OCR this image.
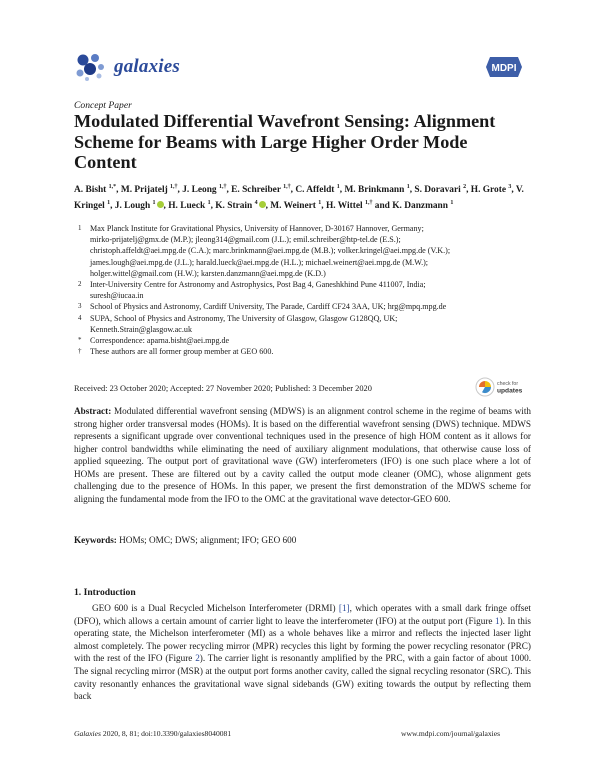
galaxies	MDPI
Concept Paper
Modulated Differential Wavefront Sensing: Alignment Scheme for Beams with Large Higher Order Mode Content
A. Bisht $^{1,*}$, M. Prijatelj $^{1,\dagger}$, J. Leong $^{1,\dagger}$, E. Schreiber $^{1,\dagger}$, C. Affeldt $^1$, M. Brinkmann $^1$, S. Doravari $^2$, H. Grote $^3$, V. Kringel $^1$, J. Lough $^1$ , H. Lueck $^1$, K. Strain $^4$ , M. Weinert $^1$, H. Wittel $^{1,\dagger}$ and K. Danzmann $^1$
1	Max Planck Institute for Gravitational Physics, University of Hannover, D-30167 Hannover, Germany;
mirko-prijatelj@gmx.de (M.P.); jleong314@gmail.com (J.L.); emil.schreiber@htp-tel.de (E.S.);
christoph.affeldt@aei.mpg.de (C.A.); marc.brinkmann@aei.mpg.de (M.B.); volker.kringel@aei.mpg.de (V.K.);
james.lough@aei.mpg.de (J.L.); harald.lueck@aei.mpg.de (H.L.); michael.weinert@aei.mpg.de (M.W.);
holger.wittel@gmail.com (H.W.); karsten.danzmann@aei.mpg.de (K.D.)
2	Inter-University Centre for Astronomy and Astrophysics, Post Bag 4, Ganeshkhind Pune 411007, India;
suresh@iucaa.in
3	School of Physics and Astronomy, Cardiff University, The Parade, Cardiff CF24 3AA, UK; hrg@mpq.mpg.de
4	SUPA, School of Physics and Astronomy, The University of Glasgow, Glasgow G128QQ, UK;
Kenneth.Strain@glasgow.ac.uk
*	Correspondence: aparna.bisht@aei.mpg.de
†	These authors are all former group member at GEO 600.
Received: 23 October 2020; Accepted: 27 November 2020; Published: 3 December 2020	check for
updates
Abstract: Modulated differential wavefront sensing (MDWS) is an alignment control scheme in the regime of beams with strong higher order transversal modes (HOMs). It is based on the differential wavefront sensing (DWS) technique. MDWS represents a significant upgrade over conventional techniques used in the presence of high HOM content as it allows for higher control bandwidths while eliminating the need of auxiliary alignment modulations, that otherwise cause loss of applied squeezing. The output port of gravitational wave (GW) interferometers (IFO) is one such place where a lot of HOMs are present. These are filtered out by a cavity called the output mode cleaner (OMC), whose alignment gets challenging due to the presence of HOMs. In this paper, we present the first demonstration of the MDWS scheme for aligning the fundamental mode from the IFO to the OMC at the gravitational wave detector-GEO 600.
Keywords: HOMs; OMC; DWS; alignment; IFO; GEO 600
1. Introduction
GEO 600 is a Dual Recycled Michelson Interferometer (DRMI) [1], which operates with a small dark fringe offset (DFO), which allows a certain amount of carrier light to leave the interferometer (IFO) at the output port (Figure 1). In this operating state, the Michelson interferometer (MI) as a whole behaves like a mirror and reflects the injected laser light almost completely. The power recycling mirror (MPR) recycles this light by forming the power recycling resonator (PRC) with the rest of the IFO (Figure 2). The carrier light is resonantly amplified by the PRC, with a gain factor of about 1000. The signal recycling mirror (MSR) at the output port forms another cavity, called the signal recycling resonator (SRC). This cavity resonantly enhances the gravitational wave signal sidebands (GW) exiting towards the output by reflecting them back
Galaxies 2020, 8, 81; doi:10.3390/galaxies8040081	www.mdpi.com/journal/galaxies
